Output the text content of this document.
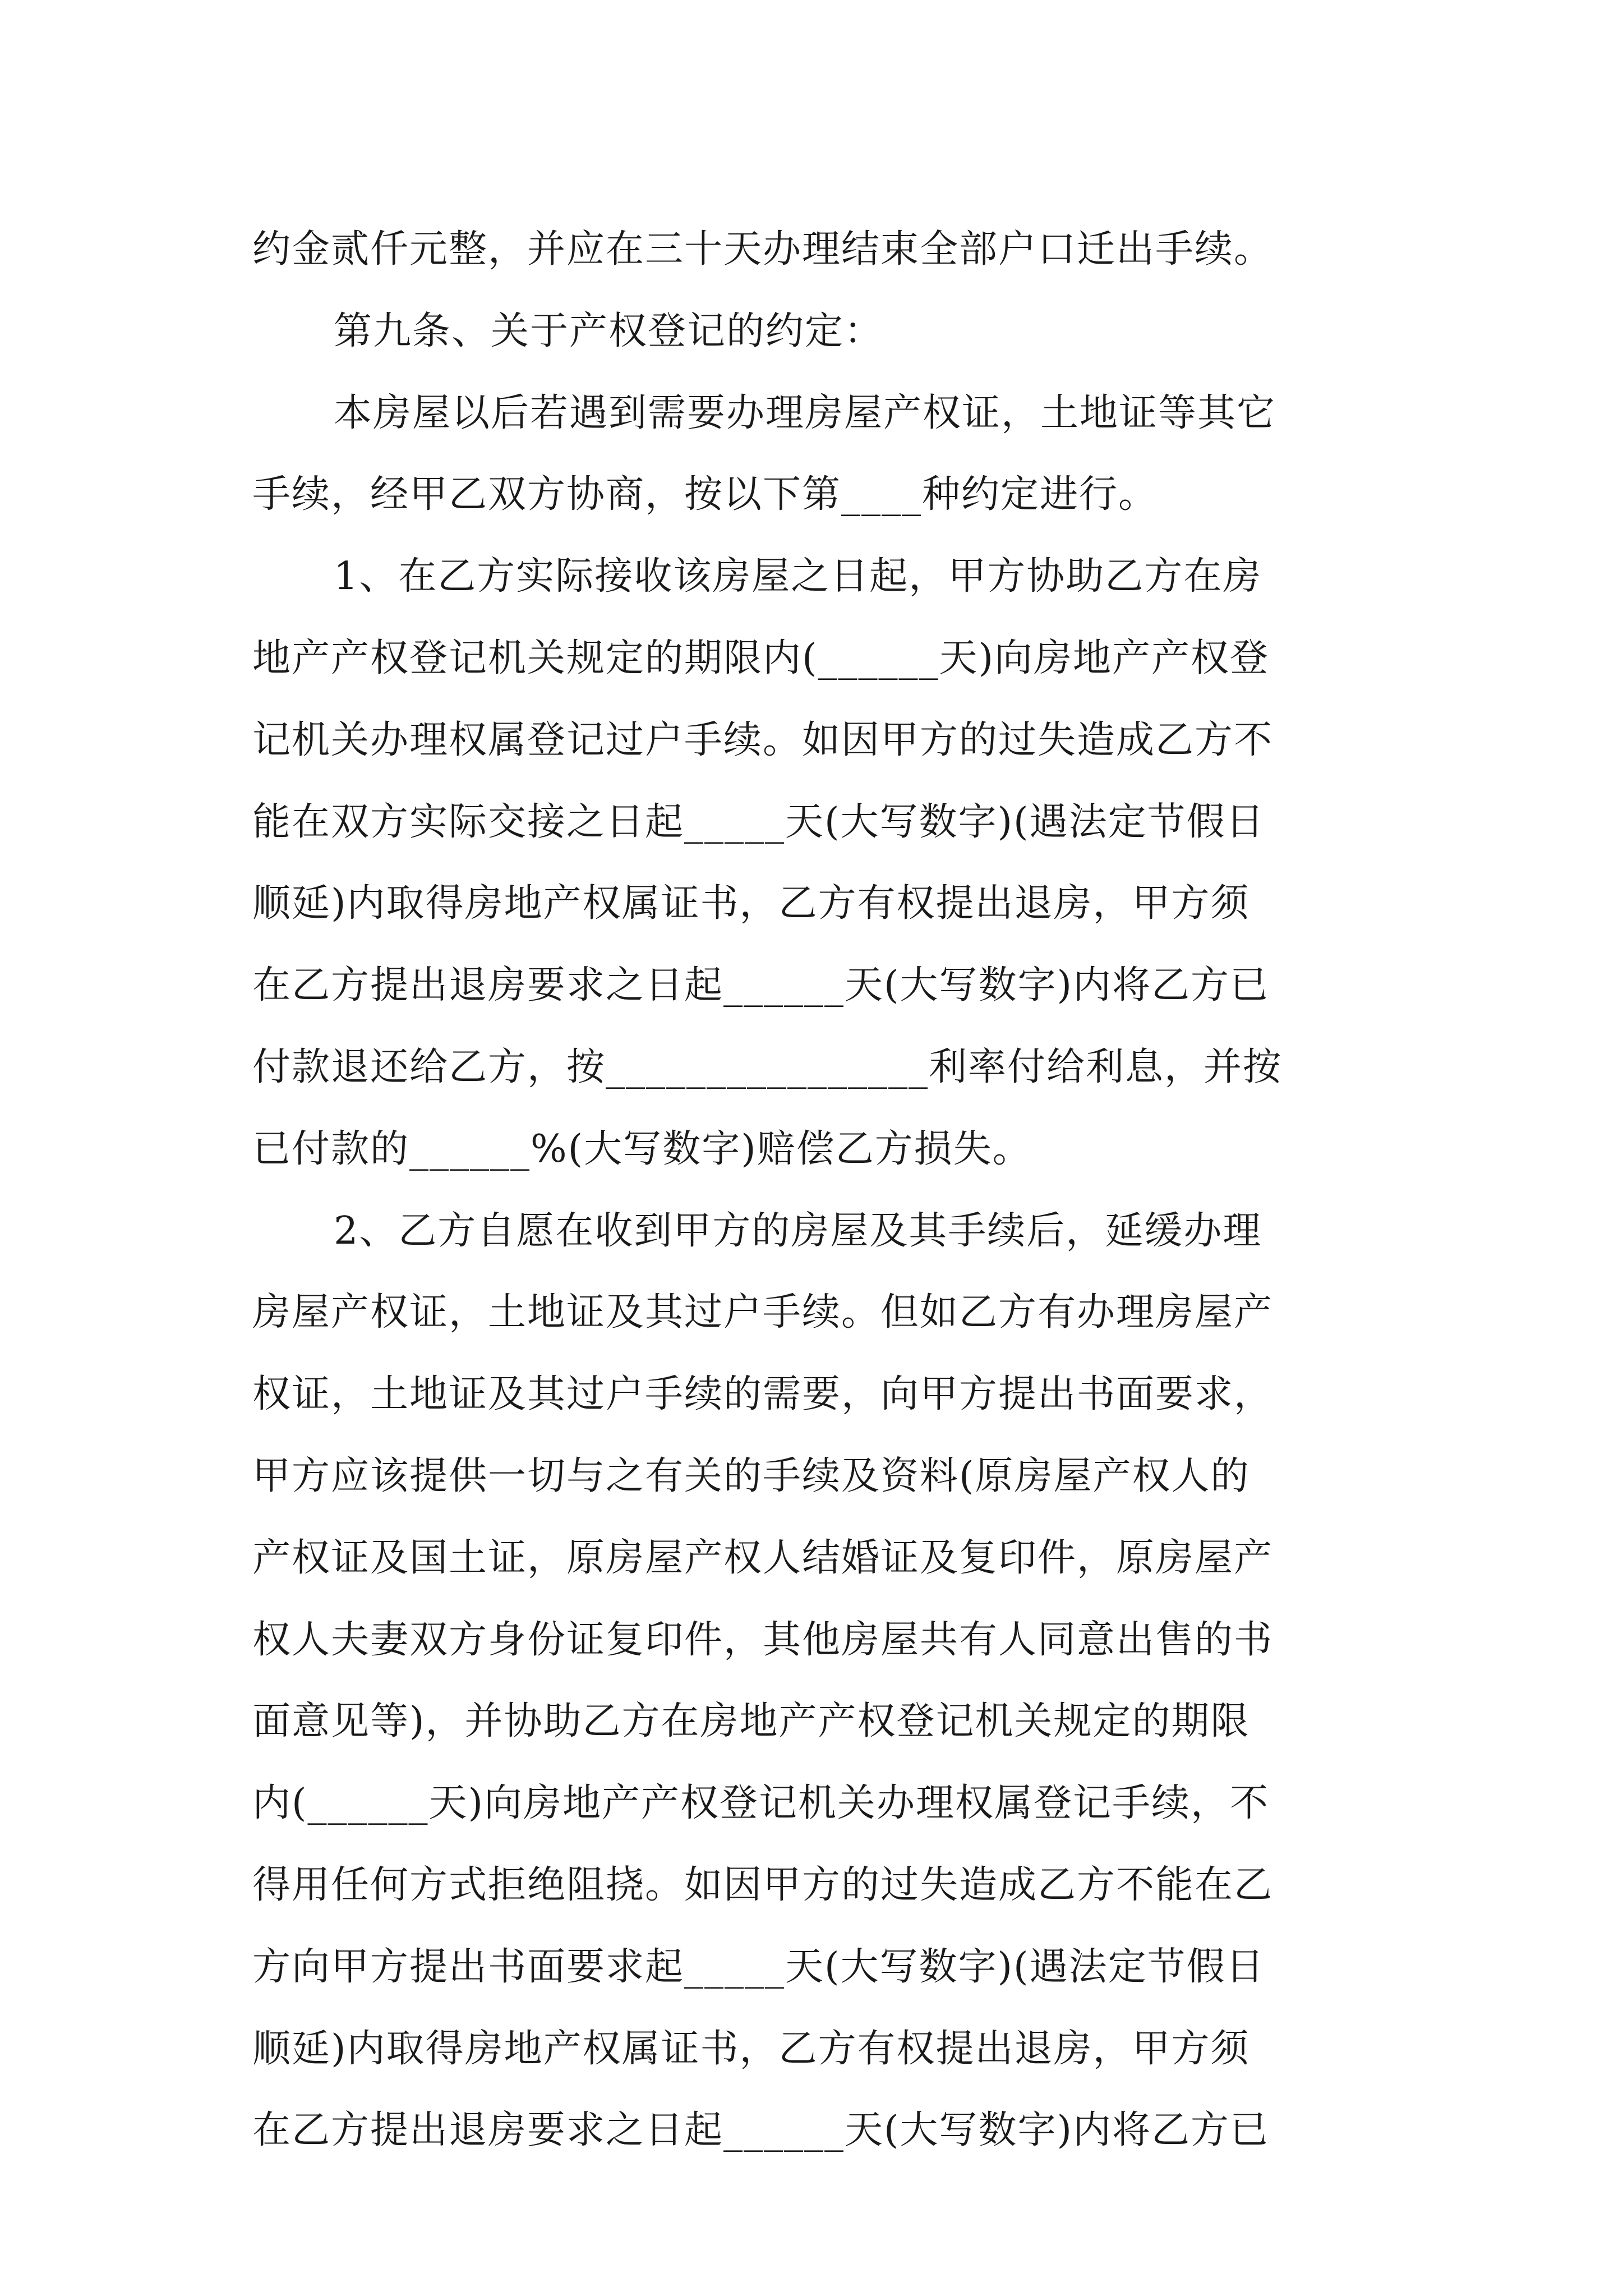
约金贰仟元整，并应在三十天办理结束全部户口迁出手续。
第九条、关于产权登记的约定：
本房屋以后若遇到需要办理房屋产权证，土地证等其它
手续，经甲乙双方协商，按以下第____种约定进行。
1、在乙方实际接收该房屋之日起，甲方协助乙方在房
地产产权登记机关规定的期限内(______天)向房地产产权登
记机关办理权属登记过户手续。如因甲方的过失造成乙方不
能在双方实际交接之日起_____天(大写数字)(遇法定节假日
顺延)内取得房地产权属证书，乙方有权提出退房，甲方须
在乙方提出退房要求之日起______天(大写数字)内将乙方已
付款退还给乙方，按________________利率付给利息，并按
已付款的______%(大写数字)赔偿乙方损失。
2、乙方自愿在收到甲方的房屋及其手续后，延缓办理
房屋产权证，土地证及其过户手续。但如乙方有办理房屋产
权证，土地证及其过户手续的需要，向甲方提出书面要求，
甲方应该提供一切与之有关的手续及资料(原房屋产权人的
产权证及国土证，原房屋产权人结婚证及复印件，原房屋产
权人夫妻双方身份证复印件，其他房屋共有人同意出售的书
面意见等)，并协助乙方在房地产产权登记机关规定的期限
内(______天)向房地产产权登记机关办理权属登记手续，不
得用任何方式拒绝阻挠。如因甲方的过失造成乙方不能在乙
方向甲方提出书面要求起_____天(大写数字)(遇法定节假日
顺延)内取得房地产权属证书，乙方有权提出退房，甲方须
在乙方提出退房要求之日起______天(大写数字)内将乙方已
